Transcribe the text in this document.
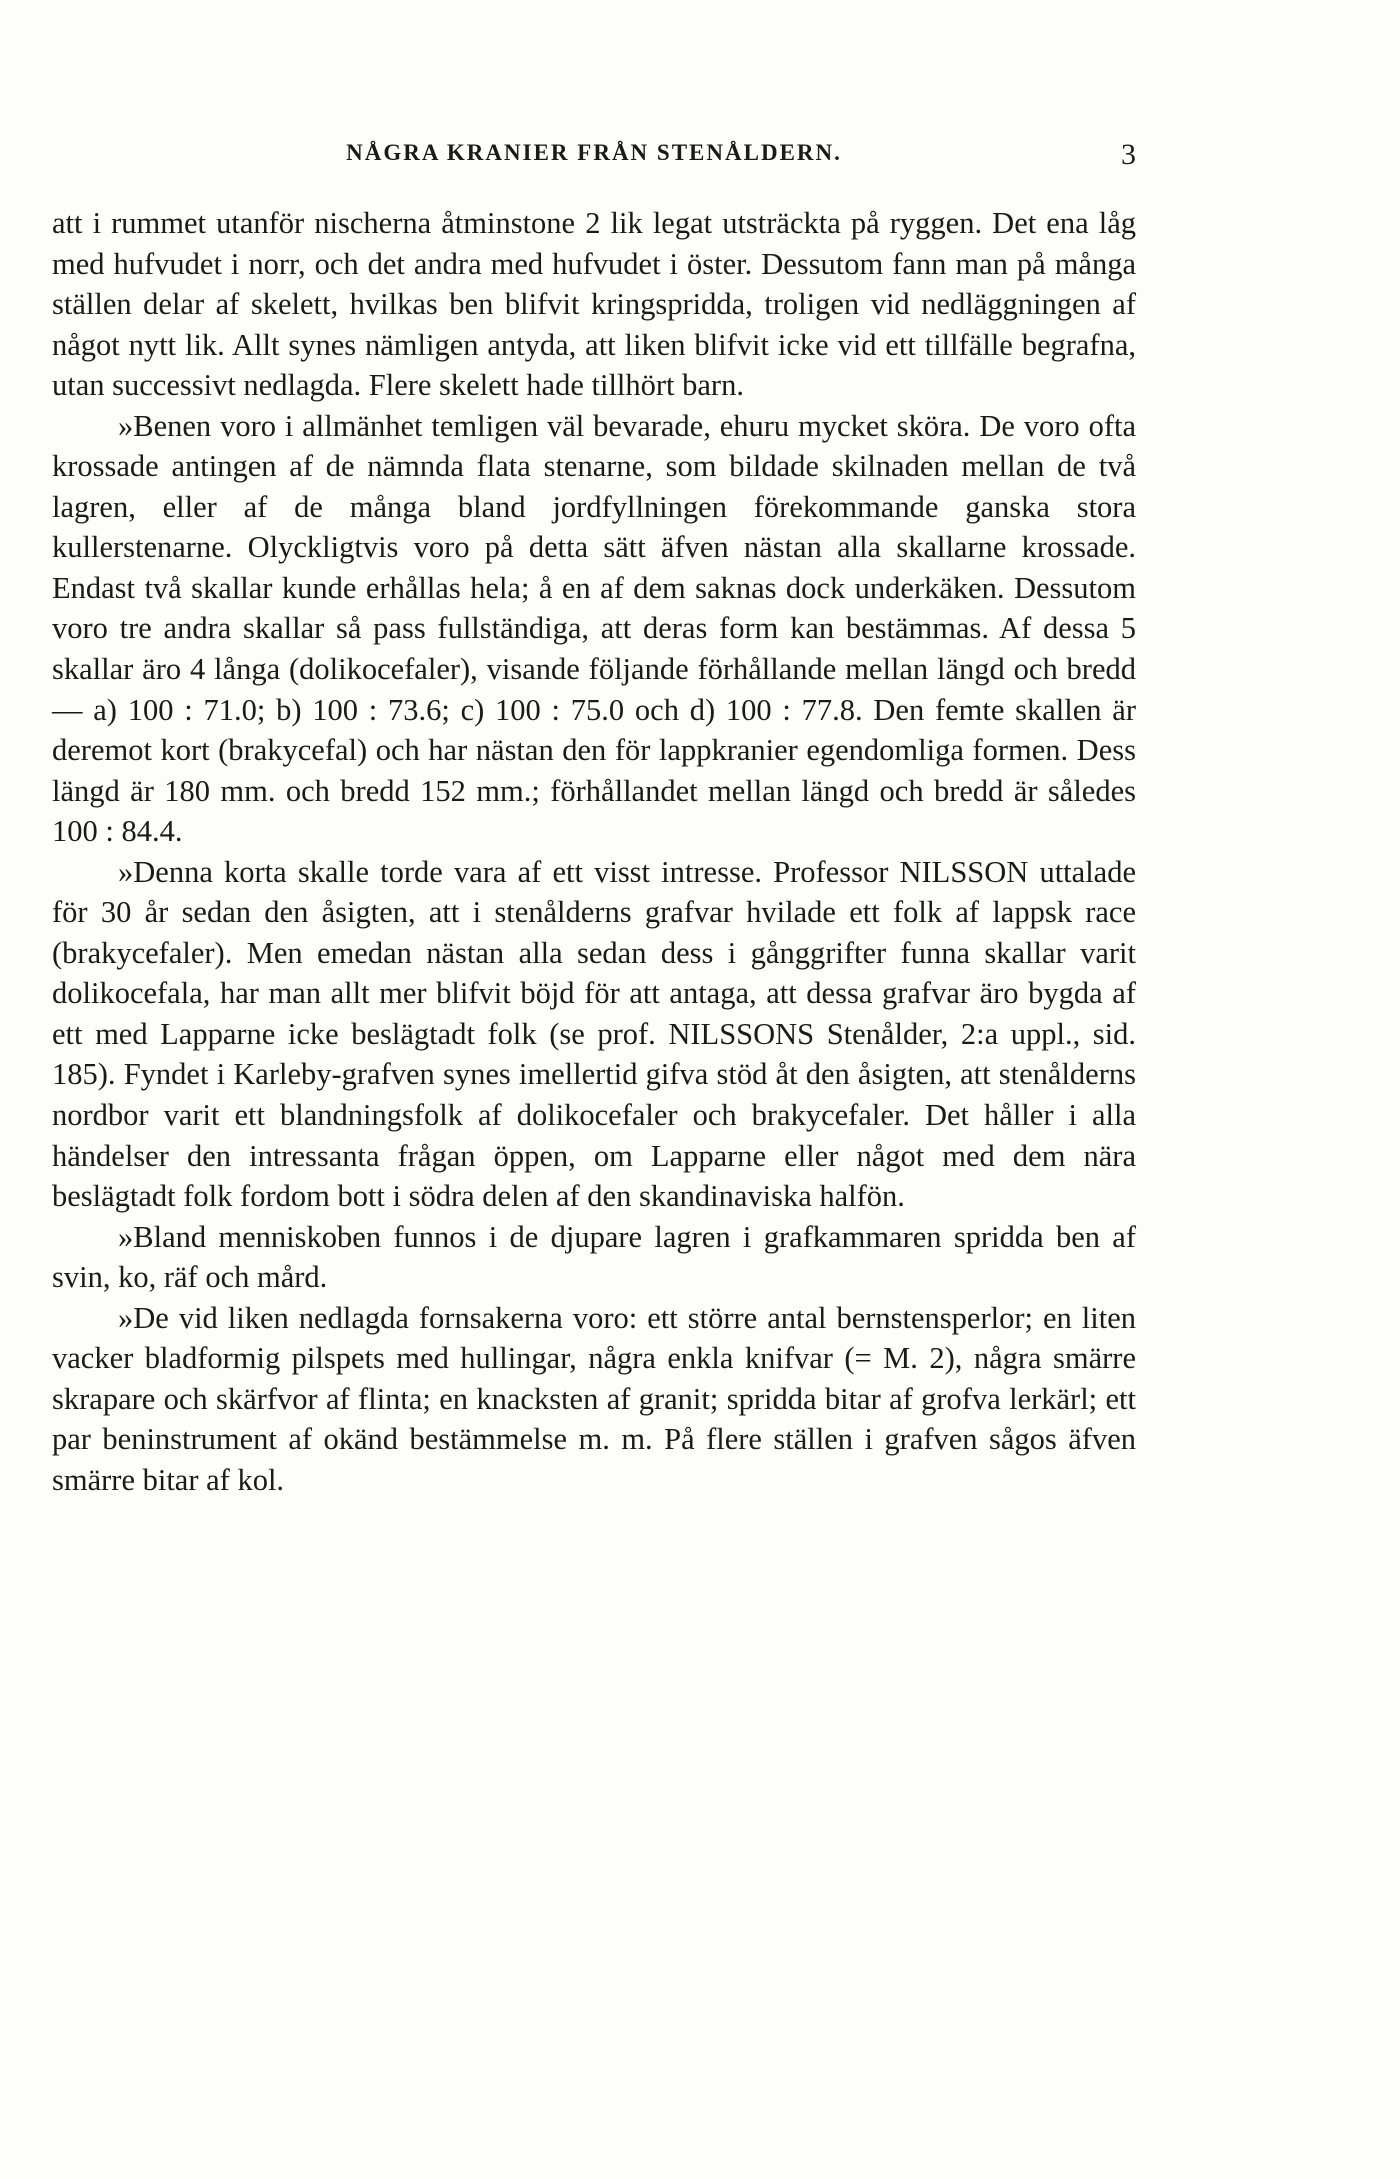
NÅGRA KRANIER FRÅN STENÅLDERN.	3

att i rummet utanför nischerna åtminstone 2 lik legat utsträckta på ryggen. Det ena låg med hufvudet i norr, och det andra med hufvudet i öster. Dessutom fann man på många ställen delar af skelett, hvilkas ben blifvit kringspridda, troligen vid nedläggningen af något nytt lik. Allt synes nämligen antyda, att liken blifvit icke vid ett tillfälle begrafna, utan successivt nedlagda. Flere skelett hade tillhört barn.

»Benen voro i allmänhet temligen väl bevarade, ehuru mycket sköra. De voro ofta krossade antingen af de nämnda flata stenarne, som bildade skilnaden mellan de två lagren, eller af de många bland jordfyllningen förekommande ganska stora kullerstenarne. Olyckligtvis voro på detta sätt äfven nästan alla skallarne krossade. Endast två skallar kunde erhållas hela; å en af dem saknas dock underkäken. Dessutom voro tre andra skallar så pass fullständiga, att deras form kan bestämmas. Af dessa 5 skallar äro 4 långa (dolikocefaler), visande följande förhållande mellan längd och bredd — a) 100 : 71.0; b) 100 : 73.6; c) 100 : 75.0 och d) 100 : 77.8. Den femte skallen är deremot kort (brakycefal) och har nästan den för lappkranier egendomliga formen. Dess längd är 180 mm. och bredd 152 mm.; förhållandet mellan längd och bredd är således 100 : 84.4.

»Denna korta skalle torde vara af ett visst intresse. Professor NILSSON uttalade för 30 år sedan den åsigten, att i stenålderns grafvar hvilade ett folk af lappsk race (brakycefaler). Men emedan nästan alla sedan dess i gånggrifter funna skallar varit dolikocefala, har man allt mer blifvit böjd för att antaga, att dessa grafvar äro bygda af ett med Lapparne icke beslägtadt folk (se prof. NILSSONS Stenålder, 2:a uppl., sid. 185). Fyndet i Karleby-grafven synes imellertid gifva stöd åt den åsigten, att stenålderns nordbor varit ett blandningsfolk af dolikocefaler och brakycefaler. Det håller i alla händelser den intressanta frågan öppen, om Lapparne eller något med dem nära beslägtadt folk fordom bott i södra delen af den skandinaviska halfön.

»Bland menniskoben funnos i de djupare lagren i grafkammaren spridda ben af svin, ko, räf och mård.

»De vid liken nedlagda fornsakerna voro: ett större antal bernstensperlor; en liten vacker bladformig pilspets med hullingar, några enkla knifvar (= M. 2), några smärre skrapare och skärfvor af flinta; en knacksten af granit; spridda bitar af grofva lerkärl; ett par beninstrument af okänd bestämmelse m. m. På flere ställen i grafven sågos äfven smärre bitar af kol.
